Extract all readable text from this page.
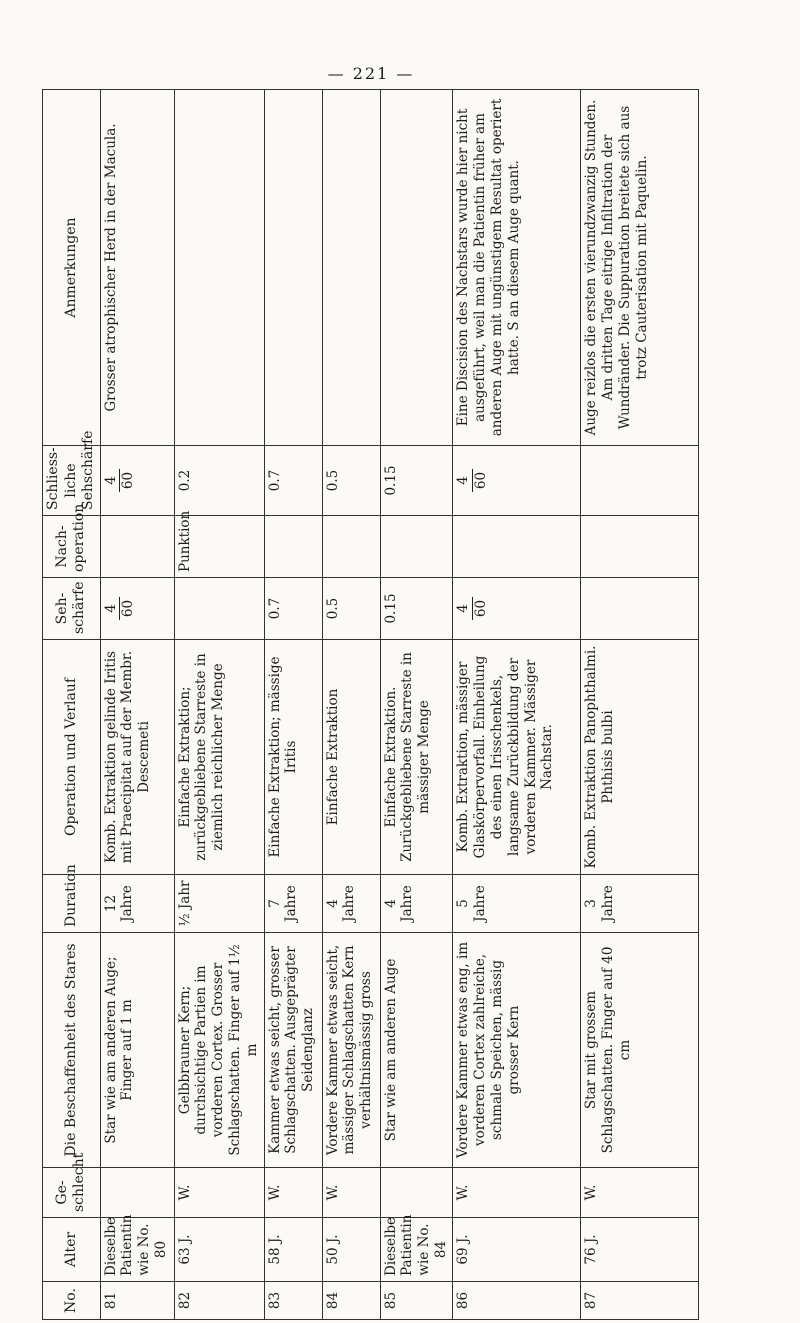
— 221 —
No.	Alter	Ge-schlecht	Die Beschaffenheit des Stares	Duration	Operation und Verlauf	Seh-schärfe	Nach-operation	Schliess-liche Sehschärfe	Anmerkungen
81	Dieselbe Patientin wie No. 80		Star wie am anderen Auge; Finger auf 1 m	12 Jahre	Komb. Extraktion gelinde Iritis mit Praecipitat auf der Membr. Descemeti	4 60		4 60	Grosser atrophischer Herd in der Macula.
82	63 J.	W.	Gelbbrauner Kern; durchsichtige Partien im vorderen Cortex. Grosser Schlagschatten. Finger auf 1½ m	½ Jahr	Einfache Extraktion; zurückgebliebene Starreste in ziemlich reichlicher Menge		Punktion	0.2	
83	58 J.	W.	Kammer etwas seicht, grosser Schlagschatten. Ausgeprägter Seidenglanz	7 Jahre	Einfache Extraktion; mässige Iritis	0.7		0.7	
84	50 J.	W.	Vordere Kammer etwas seicht, mässiger Schlagschatten Kern verhältnismässig gross	4 Jahre	Einfache Extraktion	0.5		0.5	
85	Dieselbe Patientin wie No. 84		Star wie am anderen Auge	4 Jahre	Einfache Extraktion. Zurückgebliebene Starreste in mässiger Menge	0.15		0.15	
86	69 J.	W.	Vordere Kammer etwas eng, im vorderen Cortex zahlreiche, schmale Speichen, mässig grosser Kern	5 Jahre	Komb. Extraktion, mässiger Glaskörpervorfall. Einheilung des einen Irisschenkels, langsame Zurückbildung der vorderen Kammer. Mässiger Nachstar.	4 60		4 60	Eine Discision des Nachstars wurde hier nicht ausgeführt, weil man die Patientin früher am anderen Auge mit ungünstigem Resultat operiert hatte. S an diesem Auge quant.
87	76 J.	W.	Star mit grossem Schlagschatten. Finger auf 40 cm	3 Jahre	Komb. Extraktion Panophthalmi. Phthisis bulbi				Auge reizlos die ersten vierundzwanzig Stunden. Am dritten Tage eitrige Infiltration der Wundränder. Die Suppuration breitete sich aus trotz Cauterisation mit Paquelin.
